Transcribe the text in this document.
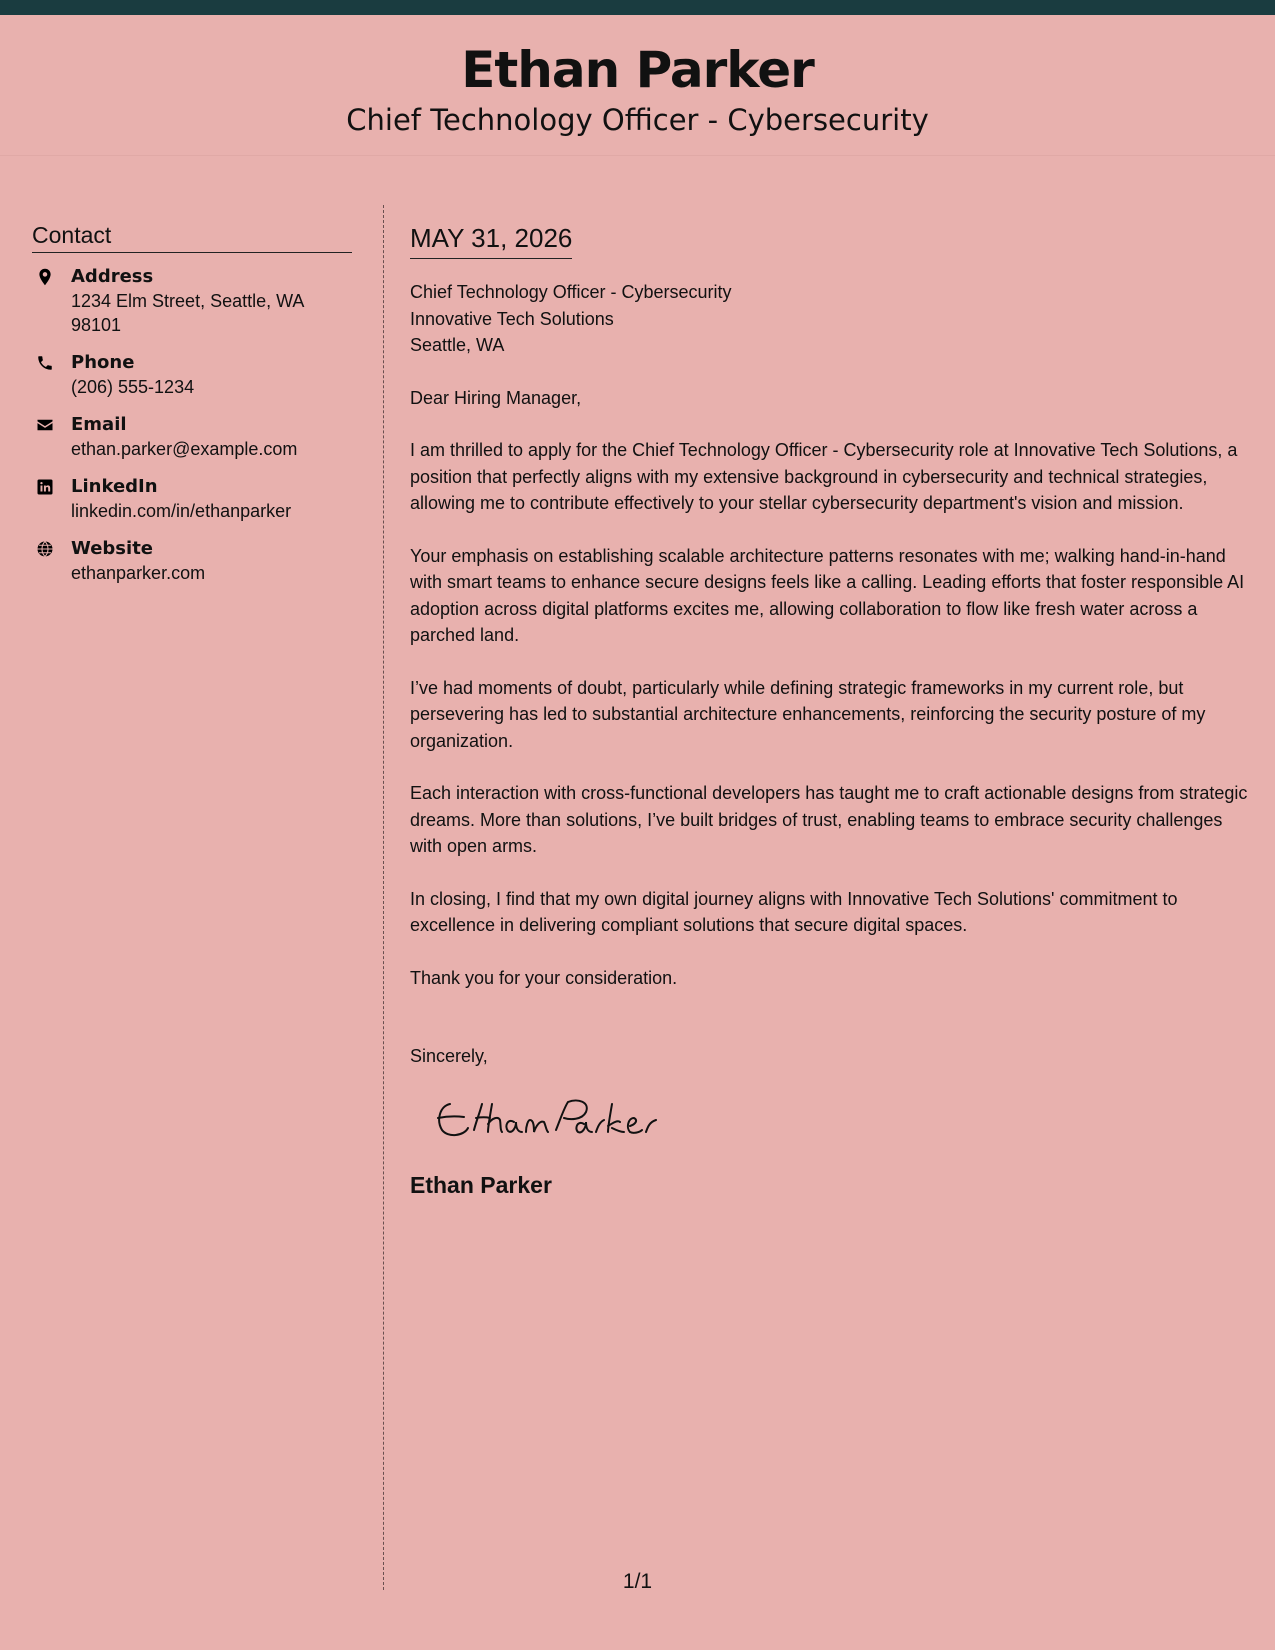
Ethan Parker
Chief Technology Officer - Cybersecurity
Contact
Address
1234 Elm Street, Seattle, WA 98101
Phone
(206) 555-1234
Email
ethan.parker@example.com
LinkedIn
linkedin.com/in/ethanparker
Website
ethanparker.com
MAY 31, 2026
Chief Technology Officer - Cybersecurity
Innovative Tech Solutions
Seattle, WA

Dear Hiring Manager,

I am thrilled to apply for the Chief Technology Officer - Cybersecurity role at Innovative Tech Solutions, a position that perfectly aligns with my extensive background in cybersecurity and technical strategies, allowing me to contribute effectively to your stellar cybersecurity department's vision and mission.

Your emphasis on establishing scalable architecture patterns resonates with me; walking hand-in-hand with smart teams to enhance secure designs feels like a calling. Leading efforts that foster responsible AI adoption across digital platforms excites me, allowing collaboration to flow like fresh water across a parched land.

I’ve had moments of doubt, particularly while defining strategic frameworks in my current role, but persevering has led to substantial architecture enhancements, reinforcing the security posture of my organization.

Each interaction with cross-functional developers has taught me to craft actionable designs from strategic dreams. More than solutions, I’ve built bridges of trust, enabling teams to embrace security challenges with open arms.

In closing, I find that my own digital journey aligns with Innovative Tech Solutions' commitment to excellence in delivering compliant solutions that secure digital spaces.

Thank you for your consideration.

Sincerely,
Ethan Parker
1/1
